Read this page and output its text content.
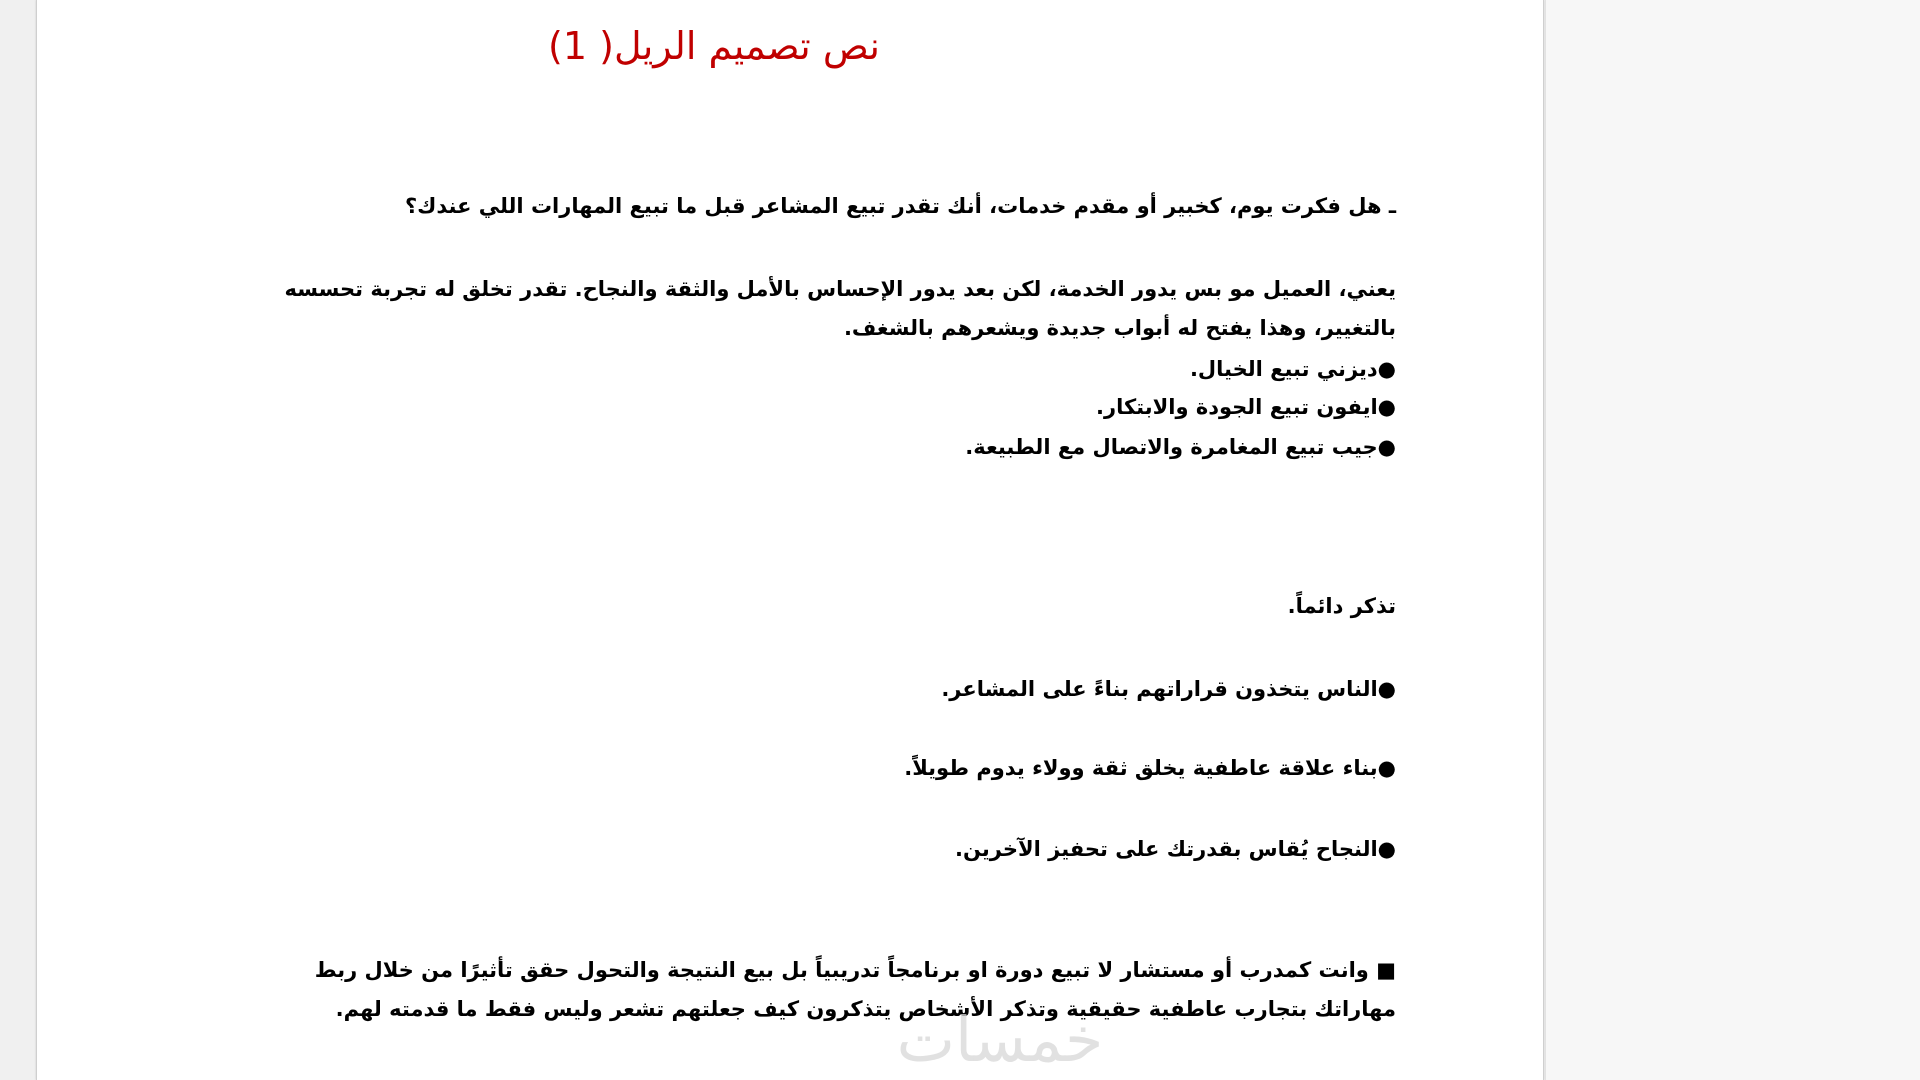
نص تصميم الريل( 1)
ـ هل فكرت يوم، كخبير أو مقدم خدمات، أنك تقدر تبيع المشاعر قبل ما تبيع المهارات اللي عندك؟
يعني، العميل مو بس يدور الخدمة، لكن بعد يدور الإحساس بالأمل والثقة والنجاح. تقدر تخلق له تجربة تحسسه بالتغيير، وهذا يفتح له أبواب جديدة ويشعرهم بالشغف.
●ديزني تبيع الخيال.
●ايفون تبيع الجودة والابتكار.
●جيب تبيع المغامرة والاتصال مع الطبيعة.
تذكر دائماً.
●الناس يتخذون قراراتهم بناءً على المشاعر.
●بناء علاقة عاطفية يخلق ثقة وولاء يدوم طويلاً.
●النجاح يُقاس بقدرتك على تحفيز الآخرين.
■ وانت كمدرب أو مستشار لا تبيع دورة او برنامجاً تدريبياً بل بيع النتيجة والتحول حقق تأثيرًا من خلال ربط مهاراتك بتجارب عاطفية حقيقية وتذكر الأشخاص يتذكرون كيف جعلتهم تشعر وليس فقط ما قدمته لهم.
خمسات
